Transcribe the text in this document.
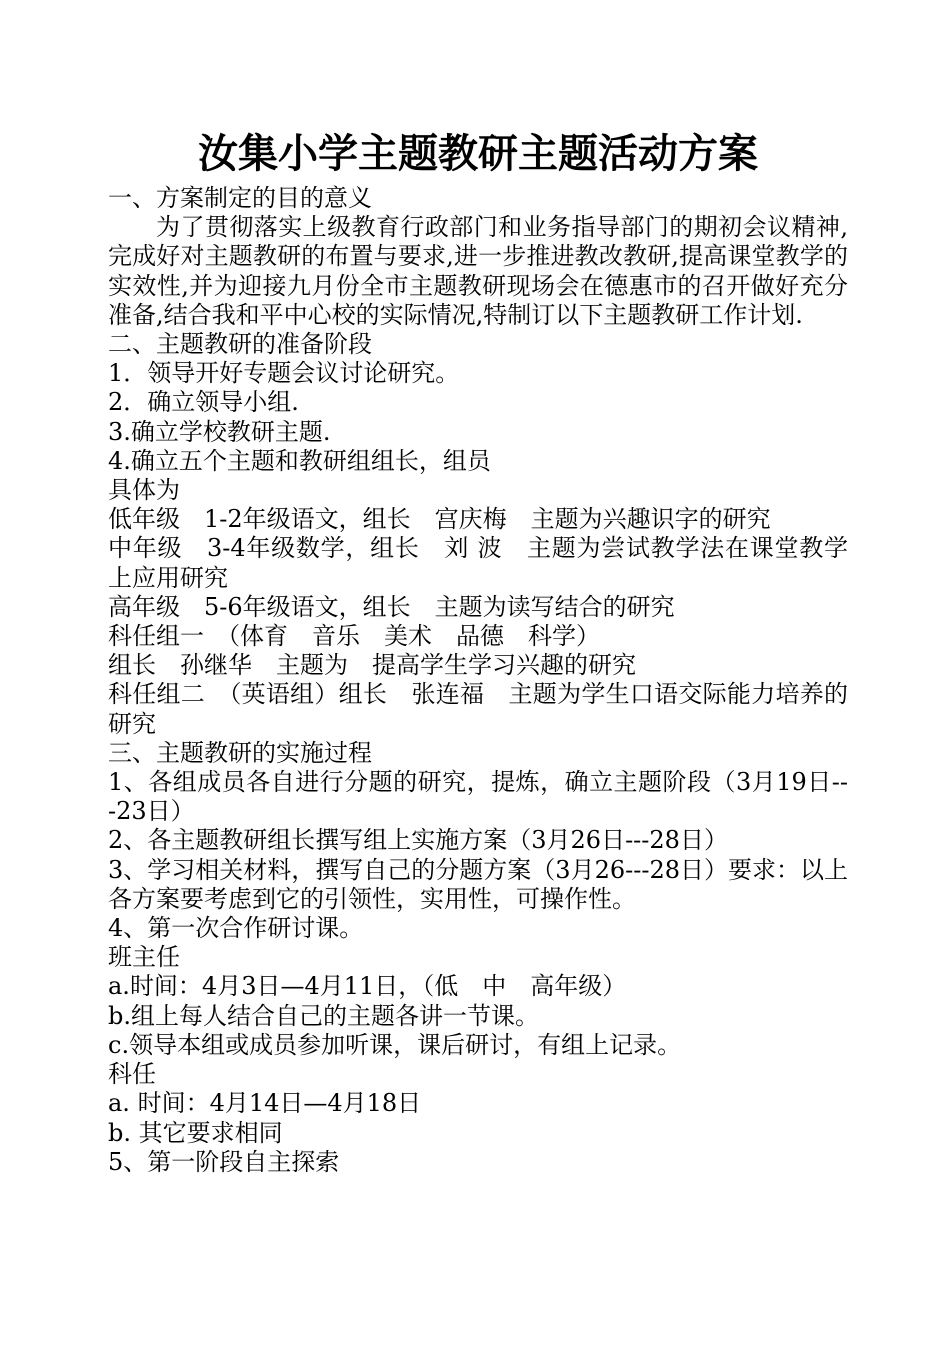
汝集小学主题教研主题活动方案

一、方案制定的目的意义

为了贯彻落实上级教育行政部门和业务指导部门的期初会议精神,完成好对主题教研的布置与要求,进一步推进教改教研,提高课堂教学的实效性,并为迎接九月份全市主题教研现场会在德惠市的召开做好充分准备,结合我和平中心校的实际情况,特制订以下主题教研工作计划.

二、主题教研的准备阶段

1．领导开好专题会议讨论研究。

2．确立领导小组.

3.确立学校教研主题.

4.确立五个主题和教研组组长，组员

具体为

低年级　1-2年级语文，组长　宫庆梅　主题为兴趣识字的研究

中年级　3-4年级数学，组长　刘 波　主题为尝试教学法在课堂教学上应用研究

高年级　5-6年级语文，组长　主题为读写结合的研究

科任组一　（体育　音乐　美术　品德　科学）

组长　孙继华　主题为　提高学生学习兴趣的研究

科任组二　（英语组）组长　张连福　主题为学生口语交际能力培养的研究

三、主题教研的实施过程

1、各组成员各自进行分题的研究，提炼，确立主题阶段（3月19日---23日）

2、各主题教研组长撰写组上实施方案（3月26日---28日）

3、学习相关材料，撰写自己的分题方案（3月26---28日）要求：以上各方案要考虑到它的引领性，实用性，可操作性。

4、第一次合作研讨课。

班主任

a.时间：4月3日—4月11日，（低　中　高年级）

b.组上每人结合自己的主题各讲一节课。

c.领导本组或成员参加听课，课后研讨，有组上记录。

科任

a. 时间：4月14日—4月18日

b. 其它要求相同

5、第一阶段自主探索
